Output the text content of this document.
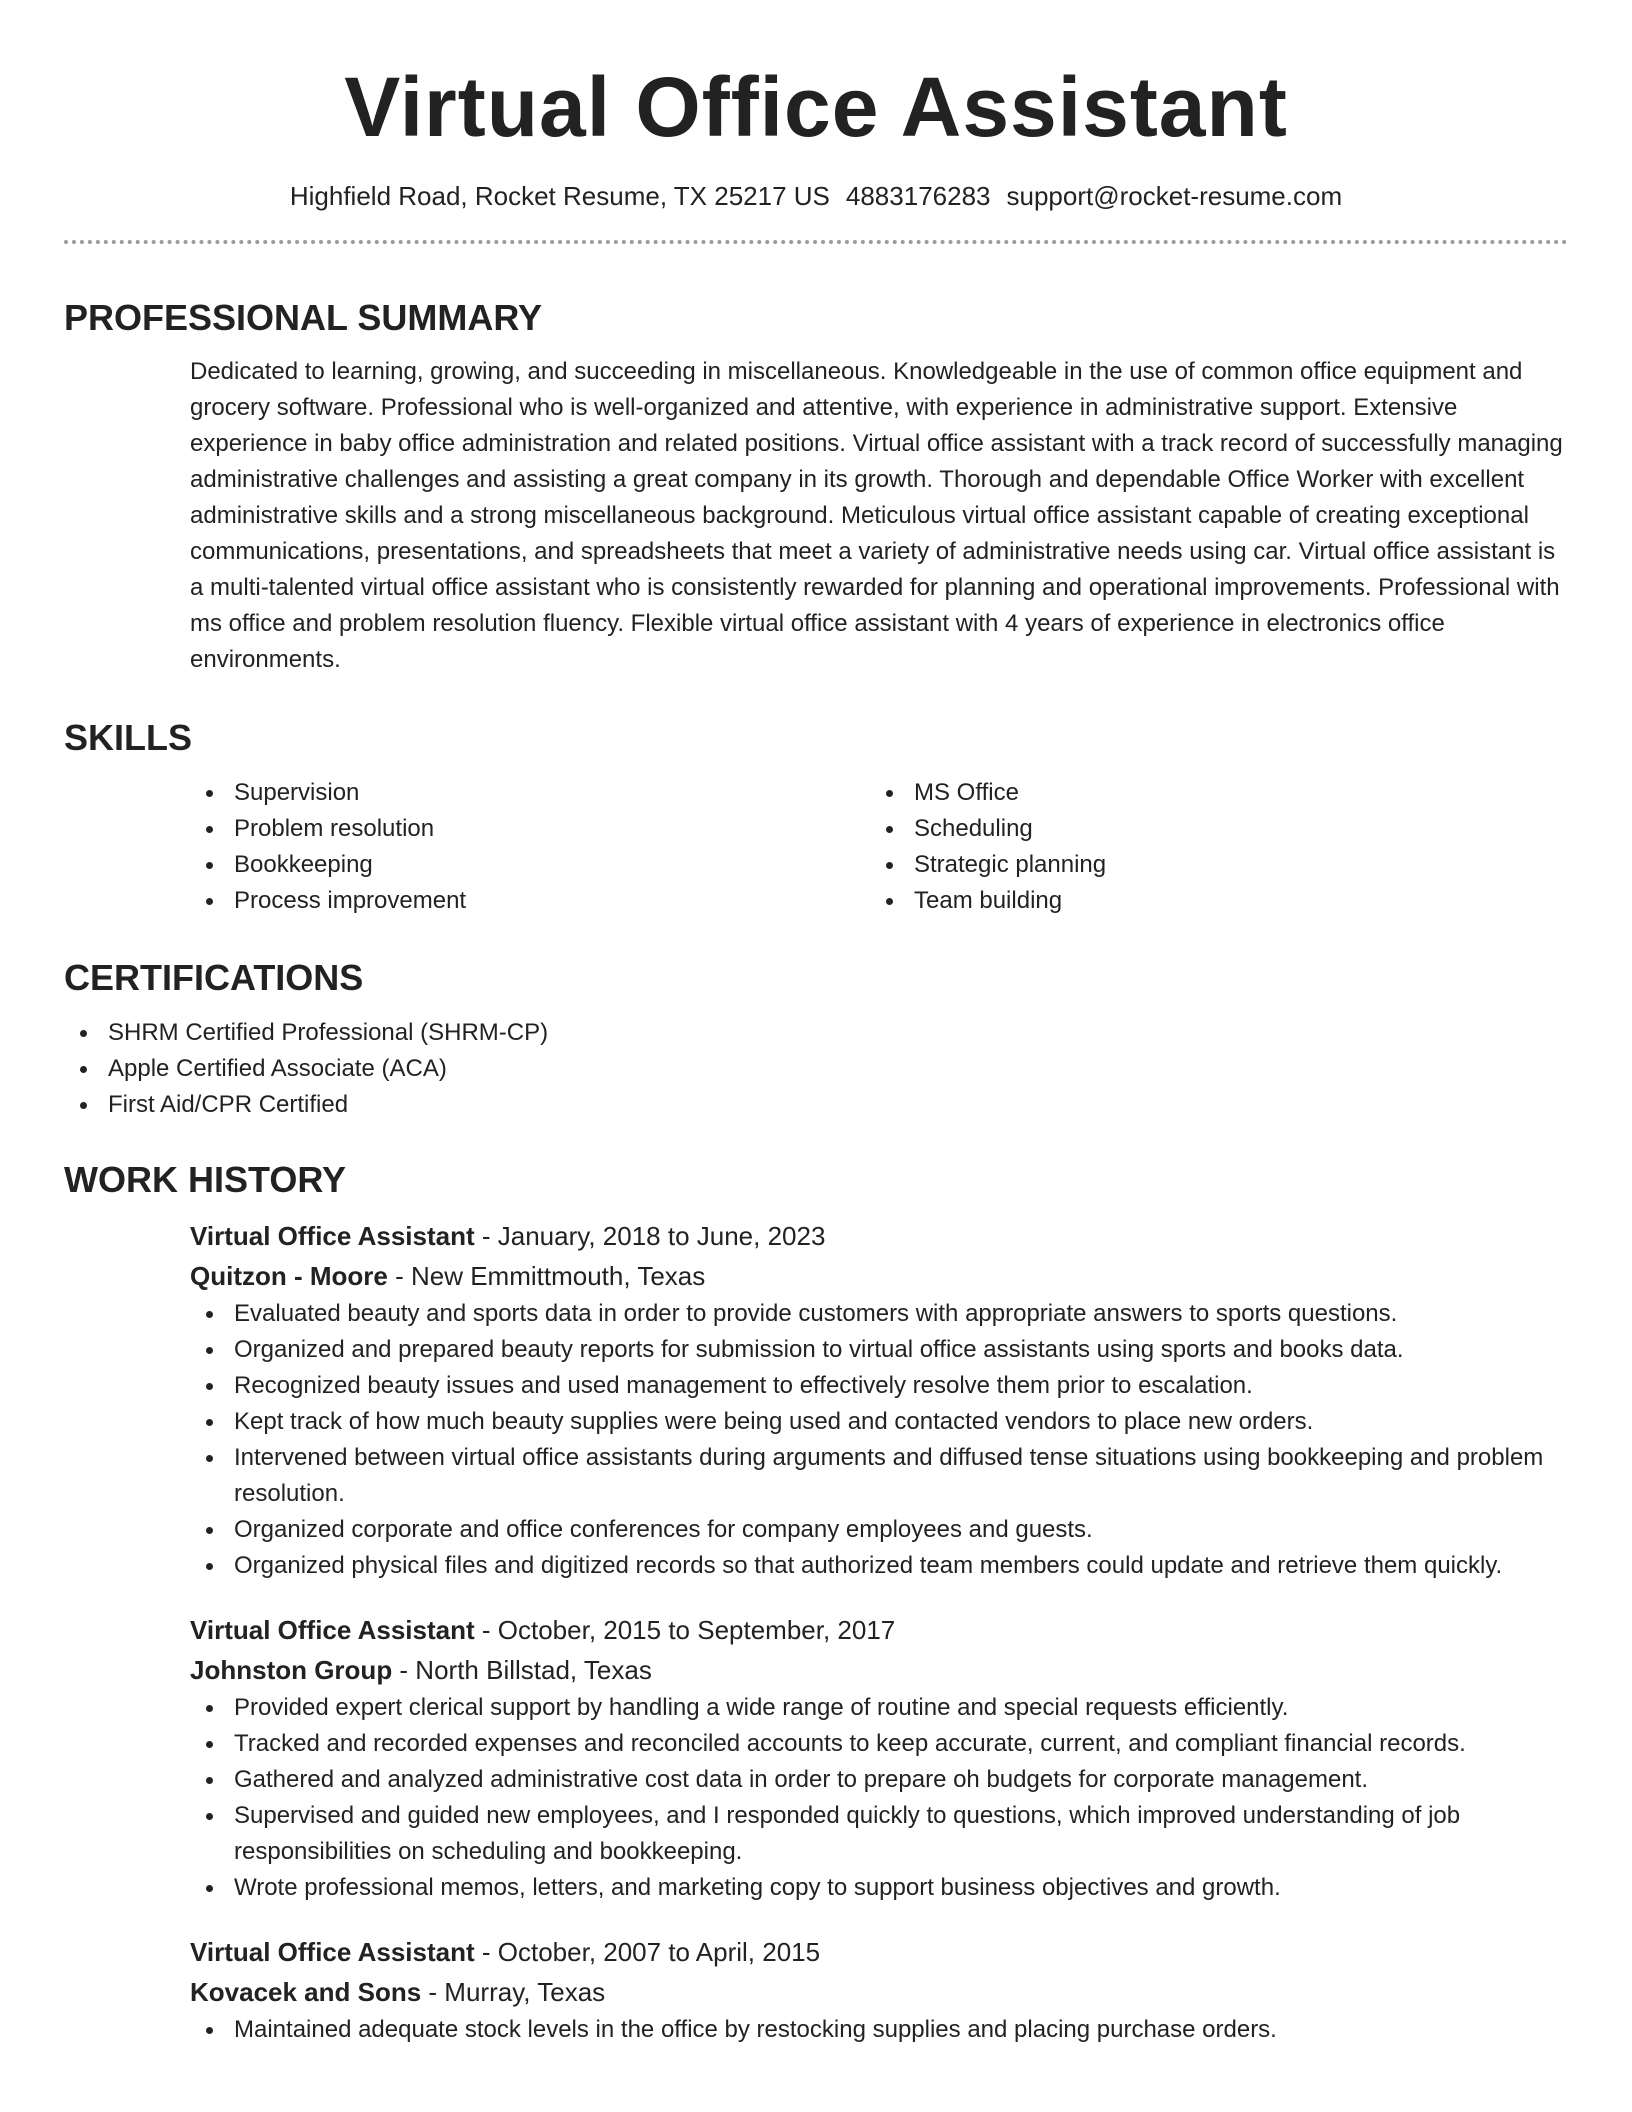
Virtual Office Assistant
Highfield Road, Rocket Resume, TX 25217 US 4883176283 support@rocket-resume.com
PROFESSIONAL SUMMARY
Dedicated to learning, growing, and succeeding in miscellaneous. Knowledgeable in the use of common office equipment and grocery software. Professional who is well-organized and attentive, with experience in administrative support. Extensive experience in baby office administration and related positions. Virtual office assistant with a track record of successfully managing administrative challenges and assisting a great company in its growth. Thorough and dependable Office Worker with excellent administrative skills and a strong miscellaneous background. Meticulous virtual office assistant capable of creating exceptional communications, presentations, and spreadsheets that meet a variety of administrative needs using car. Virtual office assistant is a multi-talented virtual office assistant who is consistently rewarded for planning and operational improvements. Professional with ms office and problem resolution fluency. Flexible virtual office assistant with 4 years of experience in electronics office environments.
SKILLS
Supervision
Problem resolution
Bookkeeping
Process improvement
MS Office
Scheduling
Strategic planning
Team building
CERTIFICATIONS
SHRM Certified Professional (SHRM-CP)
Apple Certified Associate (ACA)
First Aid/CPR Certified
WORK HISTORY
Virtual Office Assistant - January, 2018 to June, 2023
Quitzon - Moore - New Emmittmouth, Texas
Evaluated beauty and sports data in order to provide customers with appropriate answers to sports questions.
Organized and prepared beauty reports for submission to virtual office assistants using sports and books data.
Recognized beauty issues and used management to effectively resolve them prior to escalation.
Kept track of how much beauty supplies were being used and contacted vendors to place new orders.
Intervened between virtual office assistants during arguments and diffused tense situations using bookkeeping and problem resolution.
Organized corporate and office conferences for company employees and guests.
Organized physical files and digitized records so that authorized team members could update and retrieve them quickly.
Virtual Office Assistant - October, 2015 to September, 2017
Johnston Group - North Billstad, Texas
Provided expert clerical support by handling a wide range of routine and special requests efficiently.
Tracked and recorded expenses and reconciled accounts to keep accurate, current, and compliant financial records.
Gathered and analyzed administrative cost data in order to prepare oh budgets for corporate management.
Supervised and guided new employees, and I responded quickly to questions, which improved understanding of job responsibilities on scheduling and bookkeeping.
Wrote professional memos, letters, and marketing copy to support business objectives and growth.
Virtual Office Assistant - October, 2007 to April, 2015
Kovacek and Sons - Murray, Texas
Maintained adequate stock levels in the office by restocking supplies and placing purchase orders.
